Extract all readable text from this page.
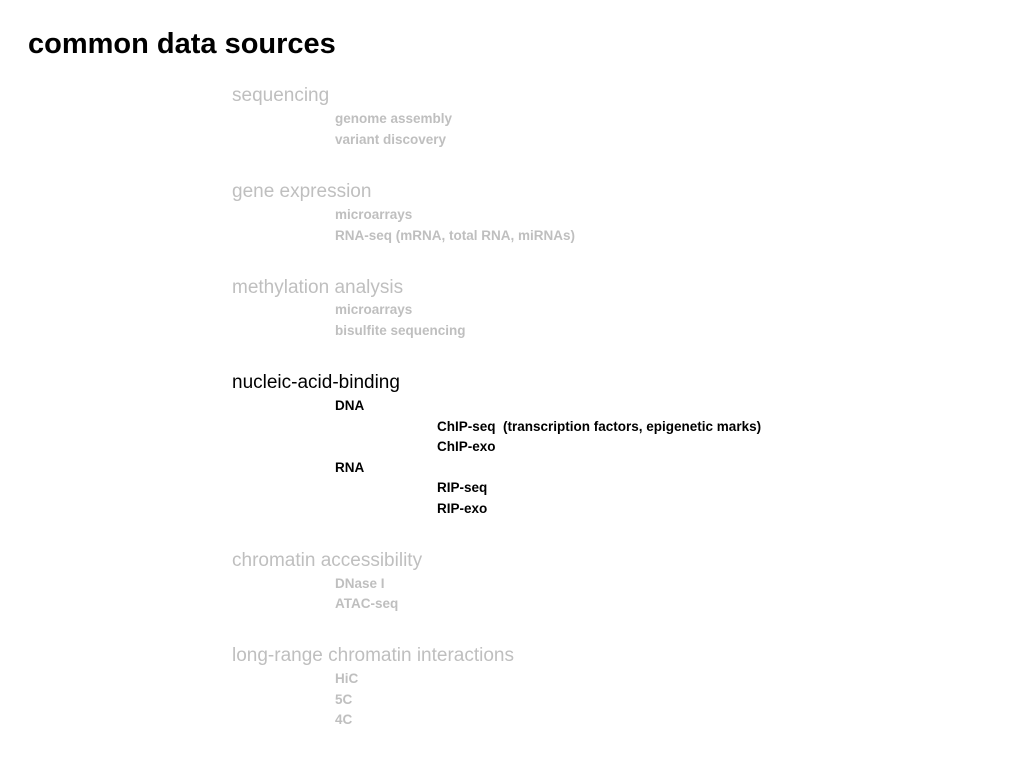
common data sources
sequencing
genome assembly
variant discovery
gene expression
microarrays
RNA-seq (mRNA, total RNA, miRNAs)
methylation analysis
microarrays
bisulfite sequencing
nucleic-acid-binding
DNA
ChIP-seq  (transcription factors, epigenetic marks)
ChIP-exo
RNA
RIP-seq
RIP-exo
chromatin accessibility
DNase I
ATAC-seq
long-range chromatin interactions
HiC
5C
4C
